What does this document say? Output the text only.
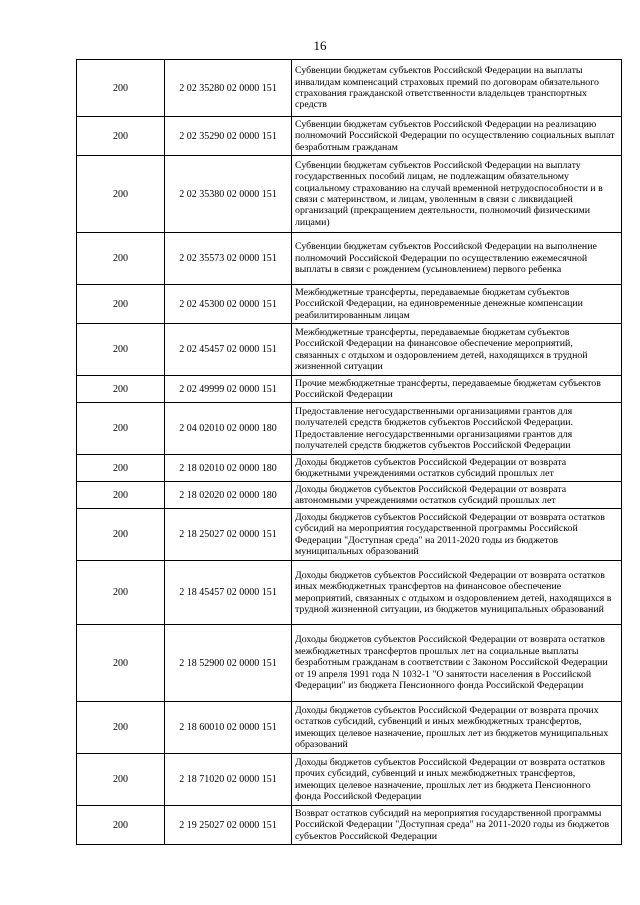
16
200	2 02 35280 02 0000 151	Субвенции бюджетам субъектов Российской Федерации на выплаты инвалидам компенсаций страховых премий по договорам обязательного страхования гражданской ответственности владельцев транспортных средств
200	2 02 35290 02 0000 151	Субвенции бюджетам субъектов Российской Федерации на реализацию полномочий Российской Федерации по осуществлению социальных выплат безработным гражданам
200	2 02 35380 02 0000 151	Субвенции бюджетам субъектов Российской Федерации на выплату государственных пособий лицам, не подлежащим обязательному социальному страхованию на случай временной нетрудоспособности и в связи с материнством, и лицам, уволенным в связи с ликвидацией организаций (прекращением деятельности, полномочий физическими лицами)
200	2 02 35573 02 0000 151	Субвенции бюджетам субъектов Российской Федерации на выполнение полномочий Российской Федерации по осуществлению ежемесячной выплаты в связи с рождением (усыновлением) первого ребенка
200	2 02 45300 02 0000 151	Межбюджетные трансферты, передаваемые бюджетам субъектов Российской Федерации, на единовременные денежные компенсации реабилитированным лицам
200	2 02 45457 02 0000 151	Межбюджетные трансферты, передаваемые бюджетам субъектов Российской Федерации на финансовое обеспечение мероприятий, связанных с отдыхом и оздоровлением детей, находящихся в трудной жизненной ситуации
200	2 02 49999 02 0000 151	Прочие межбюджетные трансферты, передаваемые бюджетам субъектов Российской Федерации
200	2 04 02010 02 0000 180	Предоставление негосударственными организациями грантов для получателей средств бюджетов субъектов Российской Федерации. Предоставление негосударственными организациями грантов для получателей средств бюджетов субъектов Российской Федерации
200	2 18 02010 02 0000 180	Доходы бюджетов субъектов Российской Федерации от возврата бюджетными учреждениями остатков субсидий прошлых лет
200	2 18 02020 02 0000 180	Доходы бюджетов субъектов Российской Федерации от возврата автономными учреждениями остатков субсидий прошлых лет
200	2 18 25027 02 0000 151	Доходы бюджетов субъектов Российской Федерации от возврата остатков субсидий на мероприятия государственной программы Российской Федерации "Доступная среда" на 2011-2020 годы из бюджетов муниципальных образований
200	2 18 45457 02 0000 151	Доходы бюджетов субъектов Российской Федерации от возврата остатков иных межбюджетных трансфертов на финансовое обеспечение мероприятий, связанных с отдыхом и оздоровлением детей, находящихся в трудной жизненной ситуации, из бюджетов муниципальных образований
200	2 18 52900 02 0000 151	Доходы бюджетов субъектов Российской Федерации от возврата остатков межбюджетных трансфертов прошлых лет на социальные выплаты безработным гражданам в соответствии с Законом Российской Федерации от 19 апреля 1991 года N 1032-1 "О занятости населения в Российской Федерации" из бюджета Пенсионного фонда Российской Федерации
200	2 18 60010 02 0000 151	Доходы бюджетов субъектов Российской Федерации от возврата прочих остатков субсидий, субвенций и иных межбюджетных трансфертов, имеющих целевое назначение, прошлых лет из бюджетов муниципальных образований
200	2 18 71020 02 0000 151	Доходы бюджетов субъектов Российской Федерации от возврата остатков прочих субсидий, субвенций и иных межбюджетных трансфертов, имеющих целевое назначение, прошлых лет из бюджета Пенсионного фонда Российской Федерации
200	2 19 25027 02 0000 151	Возврат остатков субсидий на мероприятия государственной программы Российской Федерации "Доступная среда" на 2011-2020 годы из бюджетов субъектов Российской Федерации
